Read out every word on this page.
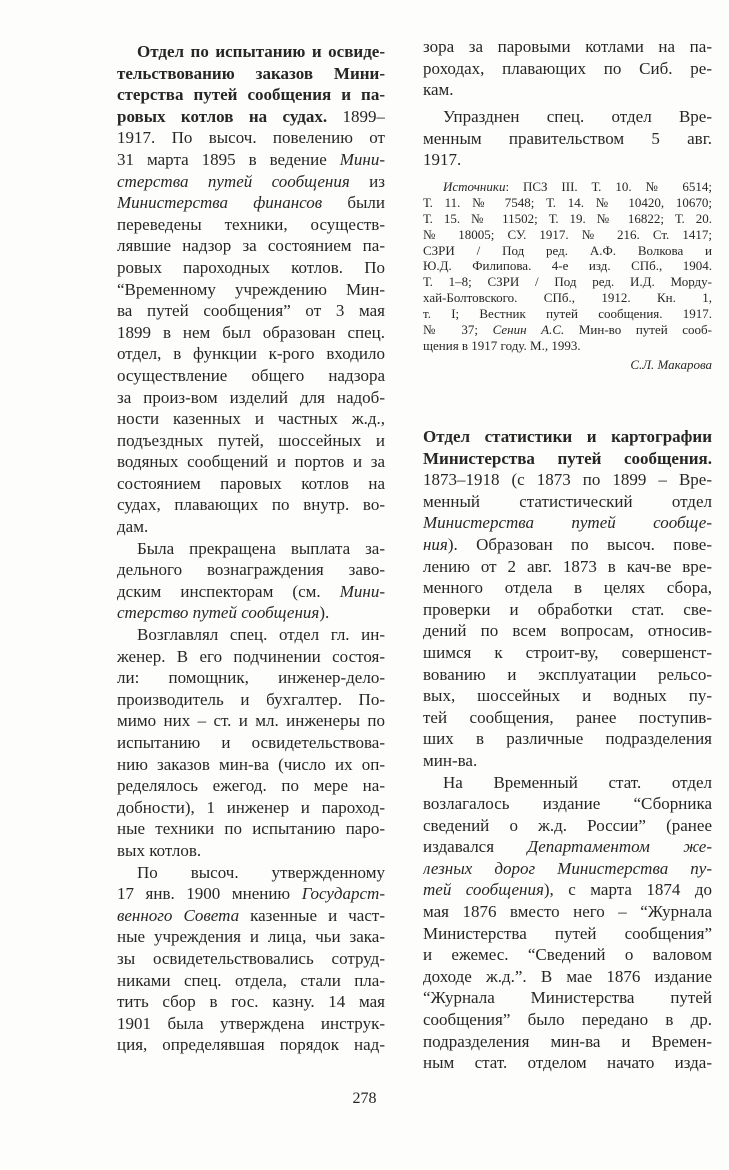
Отдел по испытанию и освиде-
тельствованию заказов Мини-
стерства путей сообщения и па-
ровых котлов на судах. 1899–
1917. По высоч. повелению от
31 марта 1895 в ведение Мини-
стерства путей сообщения из
Министерства финансов были
переведены техники, осуществ-
лявшие надзор за состоянием па-
ровых пароходных котлов. По
“Временному учреждению Мин-
ва путей сообщения” от 3 мая
1899 в нем был образован спец.
отдел, в функции к-рого входило
осуществление общего надзора
за произ-вом изделий для надоб-
ности казенных и частных ж.д.,
подъездных путей, шоссейных и
водяных сообщений и портов и за
состоянием паровых котлов на
судах, плавающих по внутр. во-
дам.
Была прекращена выплата за-
дельного вознаграждения заво-
дским инспекторам (см. Мини-
стерство путей сообщения).
Возглавлял спец. отдел гл. ин-
женер. В его подчинении состоя-
ли: помощник, инженер-дело-
производитель и бухгалтер. По-
мимо них – ст. и мл. инженеры по
испытанию и освидетельствова-
нию заказов мин-ва (число их оп-
ределялось ежегод. по мере на-
добности), 1 инженер и пароход-
ные техники по испытанию паро-
вых котлов.
По высоч. утвержденному
17 янв. 1900 мнению Государст-
венного Совета казенные и част-
ные учреждения и лица, чьи зака-
зы освидетельствовались сотруд-
никами спец. отдела, стали пла-
тить сбор в гос. казну. 14 мая
1901 была утверждена инструк-
ция, определявшая порядок над-
зора за паровыми котлами на па-
роходах, плавающих по Сиб. ре-
кам.
Упразднен спец. отдел Вре-
менным правительством 5 авг.
1917.
Источники: ПСЗ III. Т. 10. № 6514;
Т. 11. № 7548; Т. 14. № 10420, 10670;
Т. 15. № 11502; Т. 19. № 16822; Т. 20.
№ 18005; СУ. 1917. № 216. Ст. 1417;
СЗРИ / Под ред. А.Ф. Волкова и
Ю.Д. Филипова. 4-е изд. СПб., 1904.
Т. 1–8; СЗРИ / Под ред. И.Д. Морду-
хай-Болтовского. СПб., 1912. Кн. 1,
т. I; Вестник путей сообщения. 1917.
№ 37; Сенин А.С. Мин-во путей сооб-
щения в 1917 году. М., 1993.
С.Л. Макарова
Отдел статистики и картографии
Министерства путей сообщения.
1873–1918 (с 1873 по 1899 – Вре-
менный статистический отдел
Министерства путей сообще-
ния). Образован по высоч. пове-
лению от 2 авг. 1873 в кач-ве вре-
менного отдела в целях сбора,
проверки и обработки стат. све-
дений по всем вопросам, относив-
шимся к строит-ву, совершенст-
вованию и эксплуатации рельсо-
вых, шоссейных и водных пу-
тей сообщения, ранее поступив-
ших в различные подразделения
мин-ва.
На Временный стат. отдел
возлагалось издание “Сборника
сведений о ж.д. России” (ранее
издавался Департаментом же-
лезных дорог Министерства пу-
тей сообщения), с марта 1874 до
мая 1876 вместо него – “Журнала
Министерства путей сообщения”
и ежемес. “Сведений о валовом
доходе ж.д.”. В мае 1876 издание
“Журнала Министерства путей
сообщения” было передано в др.
подразделения мин-ва и Времен-
ным стат. отделом начато изда-
278
